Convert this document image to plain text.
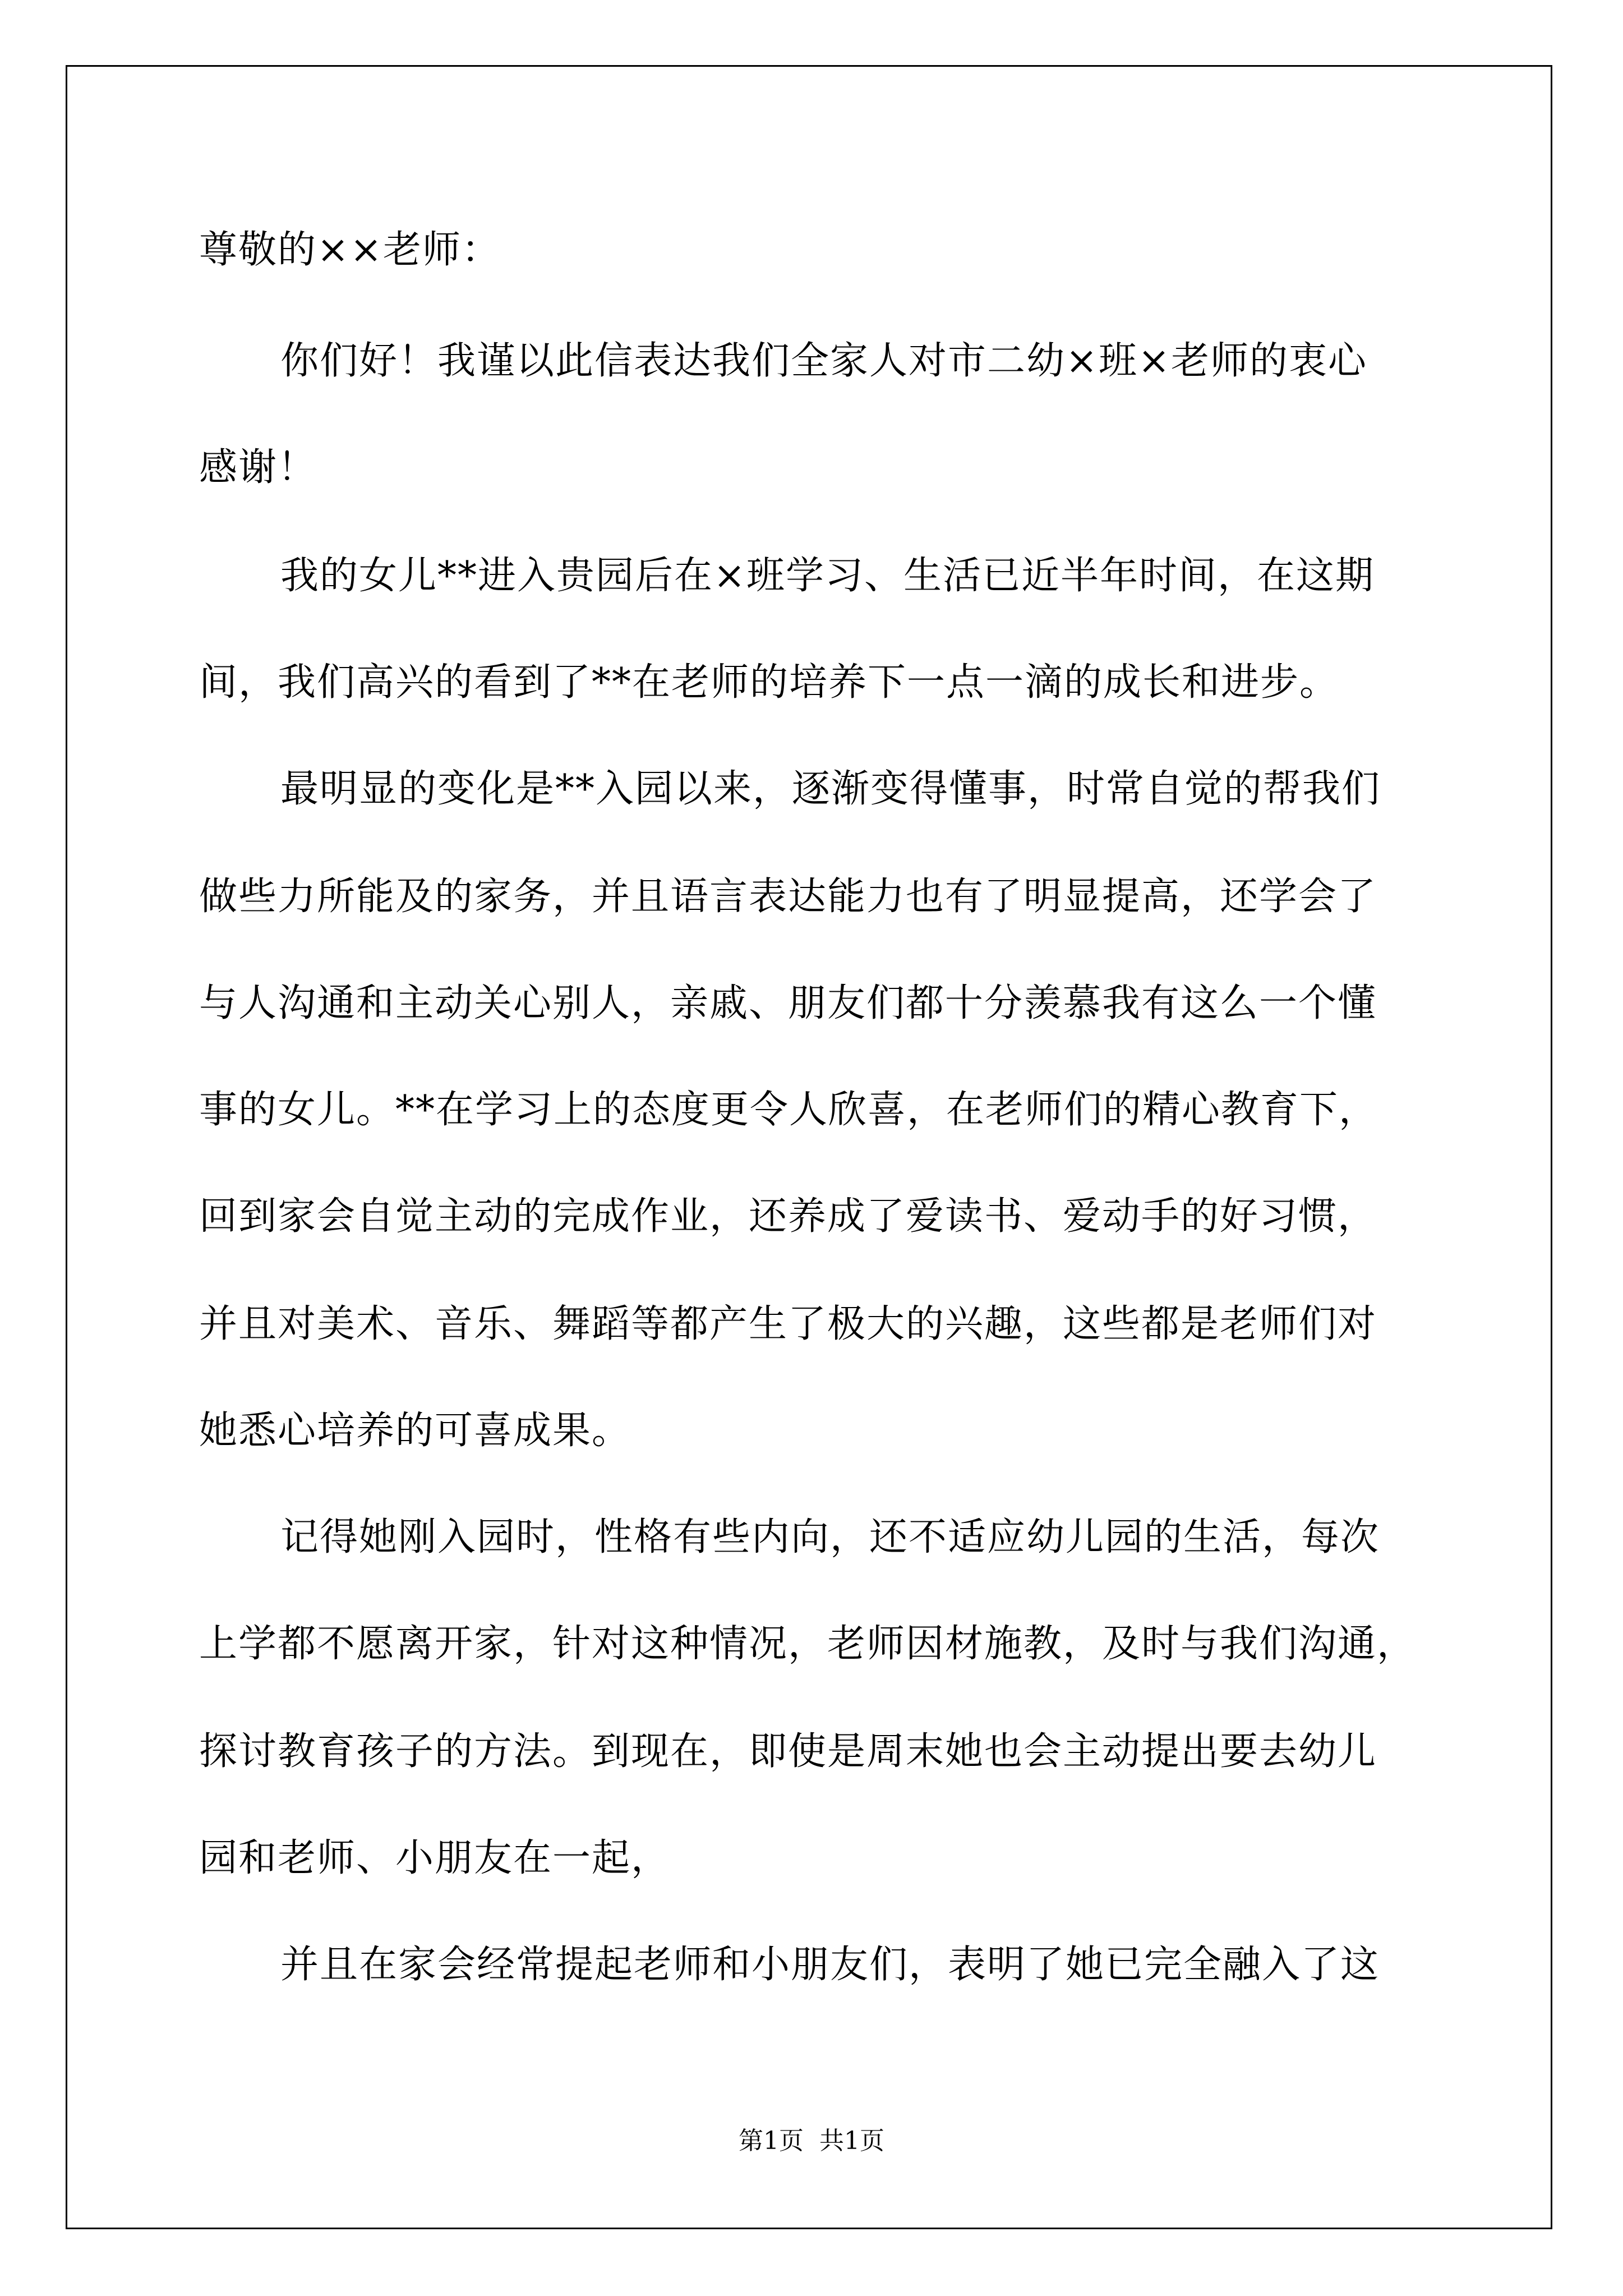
尊敬的××老师：
你们好！我谨以此信表达我们全家人对市二幼×班×老师的衷心
感谢！
我的女儿**进入贵园后在×班学习、生活已近半年时间，在这期
间，我们高兴的看到了**在老师的培养下一点一滴的成长和进步。
最明显的变化是**入园以来，逐渐变得懂事，时常自觉的帮我们
做些力所能及的家务，并且语言表达能力也有了明显提高，还学会了
与人沟通和主动关心别人，亲戚、朋友们都十分羡慕我有这么一个懂
事的女儿。**在学习上的态度更令人欣喜，在老师们的精心教育下，
回到家会自觉主动的完成作业，还养成了爱读书、爱动手的好习惯，
并且对美术、音乐、舞蹈等都产生了极大的兴趣，这些都是老师们对
她悉心培养的可喜成果。
记得她刚入园时，性格有些内向，还不适应幼儿园的生活，每次
上学都不愿离开家，针对这种情况，老师因材施教，及时与我们沟通，
探讨教育孩子的方法。到现在，即使是周末她也会主动提出要去幼儿
园和老师、小朋友在一起，
并且在家会经常提起老师和小朋友们，表明了她已完全融入了这
第1页  共1页
